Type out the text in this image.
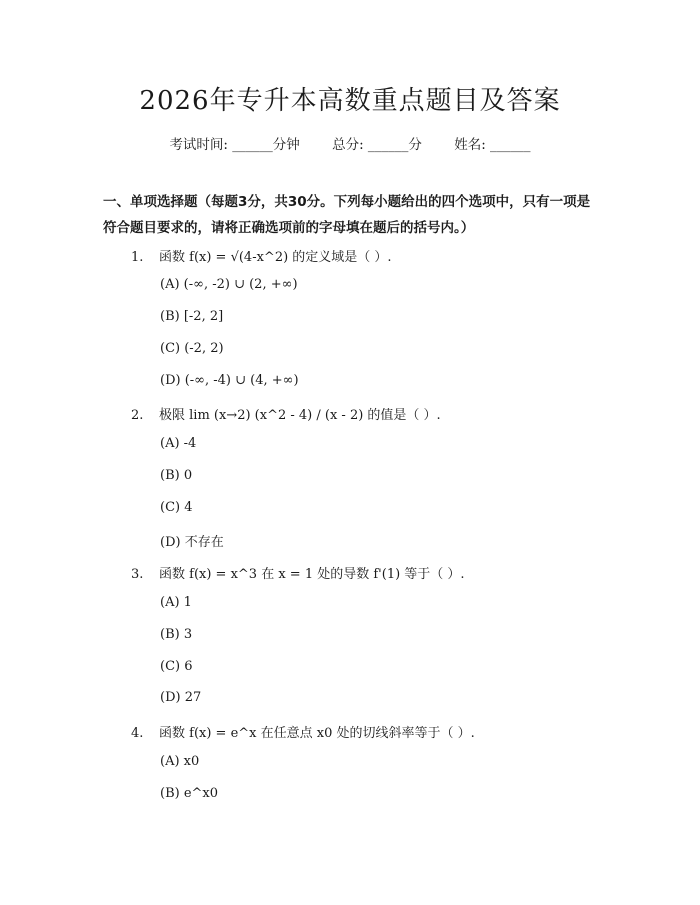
2026年专升本高数重点题目及答案
考试时间: ______分钟 总分: ______分 姓名: ______
一、单项选择题（每题3分，共30分。下列每小题给出的四个选项中，只有一项是符合题目要求的，请将正确选项前的字母填在题后的括号内。）
1. 函数 f(x) = √(4-x^2) 的定义域是（ ）.
(A) (-∞, -2) ∪ (2, +∞)
(B) [-2, 2]
(C) (-2, 2)
(D) (-∞, -4) ∪ (4, +∞)
2. 极限 lim (x→2) (x^2 - 4) / (x - 2) 的值是（ ）.
(A) -4
(B) 0
(C) 4
(D) 不存在
3. 函数 f(x) = x^3 在 x = 1 处的导数 f'(1) 等于（ ）.
(A) 1
(B) 3
(C) 6
(D) 27
4. 函数 f(x) = e^x 在任意点 x0 处的切线斜率等于（ ）.
(A) x0
(B) e^x0
